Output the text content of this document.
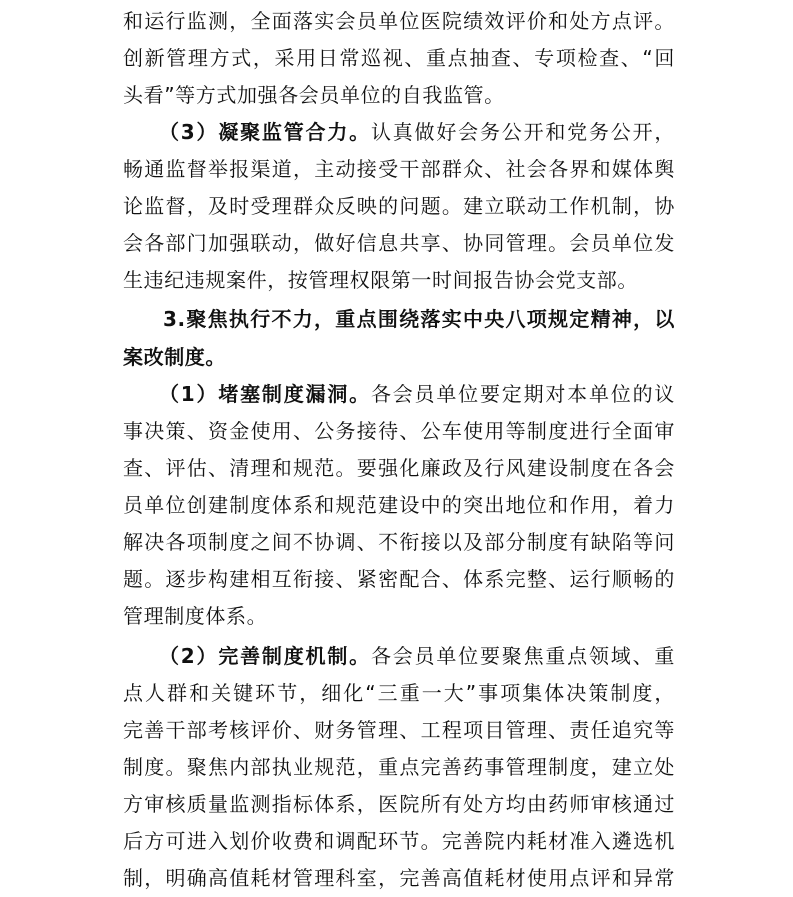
和运行监测，全面落实会员单位医院绩效评价和处方点评。
创新管理方式，采用日常巡视、重点抽查、专项检查、“回
头看”等方式加强各会员单位的自我监管。
（3）凝聚监管合力。认真做好会务公开和党务公开，
畅通监督举报渠道，主动接受干部群众、社会各界和媒体舆
论监督，及时受理群众反映的问题。建立联动工作机制，协
会各部门加强联动，做好信息共享、协同管理。会员单位发
生违纪违规案件，按管理权限第一时间报告协会党支部。
3.聚焦执行不力，重点围绕落实中央八项规定精神，以
案改制度。
（1）堵塞制度漏洞。各会员单位要定期对本单位的议
事决策、资金使用、公务接待、公车使用等制度进行全面审
查、评估、清理和规范。要强化廉政及行风建设制度在各会
员单位创建制度体系和规范建设中的突出地位和作用，着力
解决各项制度之间不协调、不衔接以及部分制度有缺陷等问
题。逐步构建相互衔接、紧密配合、体系完整、运行顺畅的
管理制度体系。
（2）完善制度机制。各会员单位要聚焦重点领域、重
点人群和关键环节，细化“三重一大”事项集体决策制度，
完善干部考核评价、财务管理、工程项目管理、责任追究等
制度。聚焦内部执业规范，重点完善药事管理制度，建立处
方审核质量监测指标体系，医院所有处方均由药师审核通过
后方可进入划价收费和调配环节。完善院内耗材准入遴选机
制，明确高值耗材管理科室，完善高值耗材使用点评和异常
